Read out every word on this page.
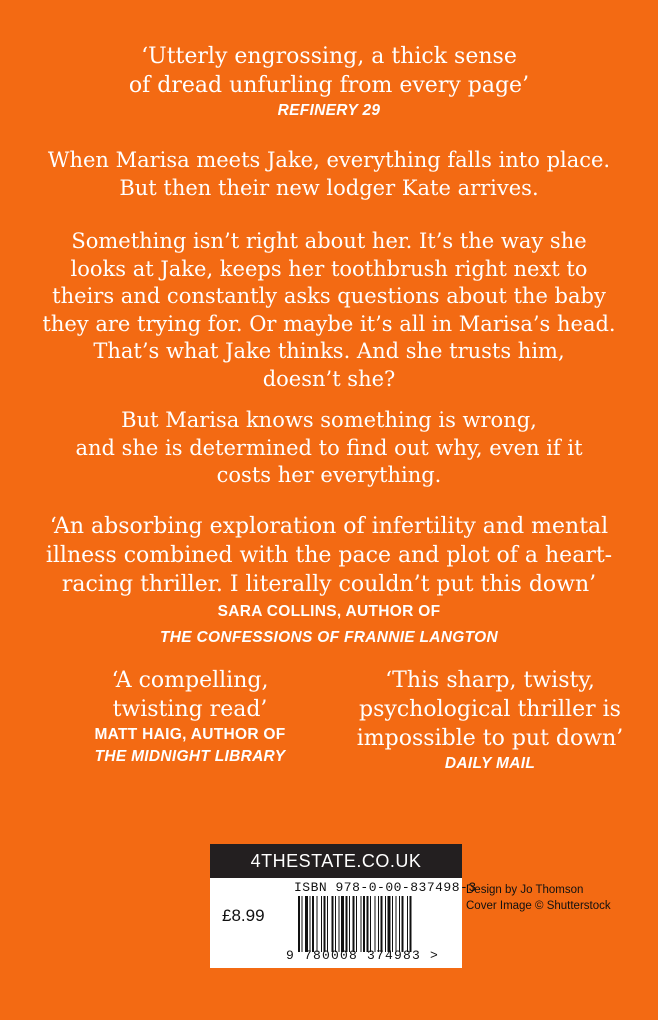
‘Utterly engrossing, a thick sense
of dread unfurling from every page’
REFINERY 29
When Marisa meets Jake, everything falls into place.
But then their new lodger Kate arrives.
Something isn’t right about her. It’s the way she
looks at Jake, keeps her toothbrush right next to
theirs and constantly asks questions about the baby
they are trying for. Or maybe it’s all in Marisa’s head.
That’s what Jake thinks. And she trusts him,
doesn’t she?
But Marisa knows something is wrong,
and she is determined to find out why, even if it
costs her everything.
‘An absorbing exploration of infertility and mental
illness combined with the pace and plot of a heart-
racing thriller. I literally couldn’t put this down’
SARA COLLINS, AUTHOR OF
THE CONFESSIONS OF FRANNIE LANGTON
‘A compelling,
twisting read’
MATT HAIG, AUTHOR OF
THE MIDNIGHT LIBRARY
‘This sharp, twisty,
psychological thriller is
impossible to put down’
DAILY MAIL
4THESTATE.CO.UK
ISBN 978-0-00-837498-3
£8.99
9 780008 374983 >
Design by Jo Thomson
Cover Image © Shutterstock
